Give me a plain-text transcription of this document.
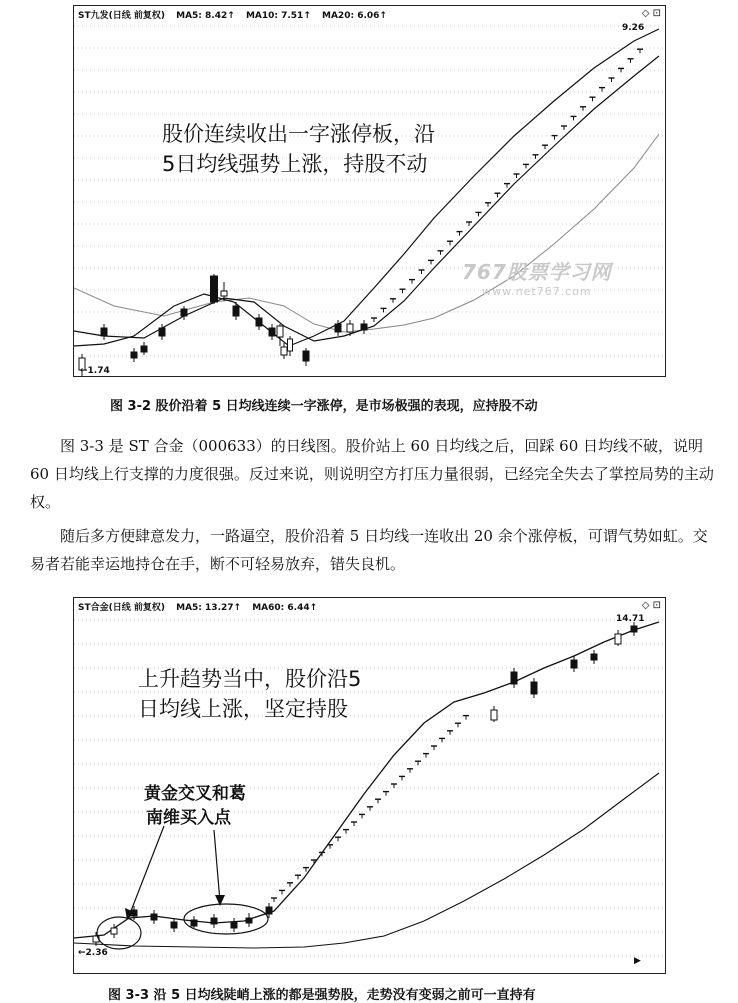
ST九发(日线 前复权) MA5: 8.42↑ MA10: 7.51↑ MA20: 6.06↑	◇ ⊡
9.26
←1.74
股价连续收出一字涨停板，沿
5日均线强势上涨，持股不动
767股票学习网
www.net767.com
图 3-2 股价沿着 5 日均线连续一字涨停，是市场极强的表现，应持股不动
图 3-3 是 ST 合金（000633）的日线图。股价站上 60 日均线之后，回踩 60 日均线不破，说明 60 日均线上行支撑的力度很强。反过来说，则说明空方打压力量很弱，已经完全失去了掌控局势的主动权。
随后多方便肆意发力，一路逼空，股价沿着 5 日均线一连收出 20 余个涨停板，可谓气势如虹。交易者若能幸运地持仓在手，断不可轻易放弃，错失良机。
ST合金(日线 前复权) MA5: 13.27↑ MA60: 6.44↑	◇ ⊡
14.71
←2.36
上升趋势当中，股价沿5
日均线上涨，坚定持股
黄金交叉和葛
南维买入点
▶
图 3-3 沿 5 日均线陡峭上涨的都是强势股，走势没有变弱之前可一直持有
